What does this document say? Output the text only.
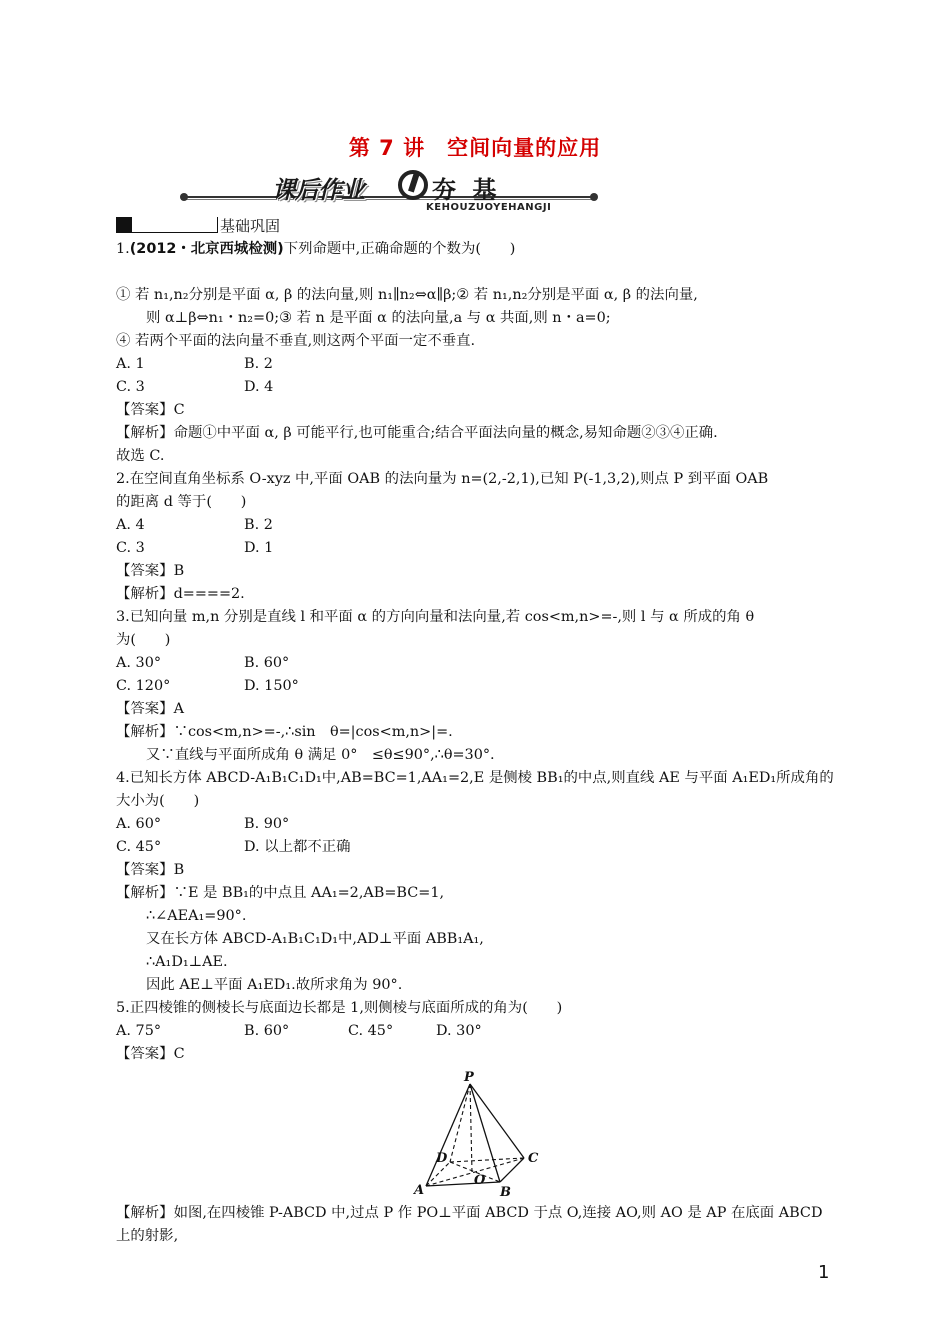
第 7 讲　空间向量的应用
课后作业	夯 基
KEHOUZUOYEHANGJI
基础巩固

1.(2012・北京西城检测)下列命题中,正确命题的个数为(　　)

① 若 n₁,n₂分别是平面 α, β 的法向量,则 n₁∥n₂⇔α∥β;② 若 n₁,n₂分别是平面 α, β 的法向量,

则 α⊥β⇔n₁・n₂=0;③ 若 n 是平面 α 的法向量,a 与 α 共面,则 n・a=0;

④ 若两个平面的法向量不垂直,则这两个平面一定不垂直.

A. 1	B. 2
C. 3	D. 4

【答案】C

【解析】命题①中平面 α, β 可能平行,也可能重合;结合平面法向量的概念,易知命题②③④正确.

故选 C.

2.在空间直角坐标系 O-xyz 中,平面 OAB 的法向量为 n=(2,-2,1),已知 P(-1,3,2),则点 P 到平面 OAB

的距离 d 等于(　　)

A. 4	B. 2
C. 3	D. 1

【答案】B

【解析】d====2.

3.已知向量 m,n 分别是直线 l 和平面 α 的方向向量和法向量,若 cos<m,n>=-,则 l 与 α 所成的角 θ

为(　　)

A. 30°	B. 60°
C. 120°	D. 150°

【答案】A

【解析】∵cos<m,n>=-,∴sin　θ=|cos<m,n>|=.

又∵直线与平面所成角 θ 满足 0°　≤θ≤90°,∴θ=30°.

4.已知长方体 ABCD-A₁B₁C₁D₁中,AB=BC=1,AA₁=2,E 是侧棱 BB₁的中点,则直线 AE 与平面 A₁ED₁所成角的

大小为(　　)

A. 60°	B. 90°
C. 45°	D. 以上都不正确

【答案】B

【解析】∵E 是 BB₁的中点且 AA₁=2,AB=BC=1,

∴∠AEA₁=90°.

又在长方体 ABCD-A₁B₁C₁D₁中,AD⊥平面 ABB₁A₁,

∴A₁D₁⊥AE.

因此 AE⊥平面 A₁ED₁.故所求角为 90°.

5.正四棱锥的侧棱长与底面边长都是 1,则侧棱与底面所成的角为(　　)

A. 75°	B. 60°	C. 45°	D. 30°

【答案】C

P
A	B
C
D
O

【解析】如图,在四棱锥 P-ABCD 中,过点 P 作 PO⊥平面 ABCD 于点 O,连接 AO,则 AO 是 AP 在底面 ABCD

上的射影,

1
